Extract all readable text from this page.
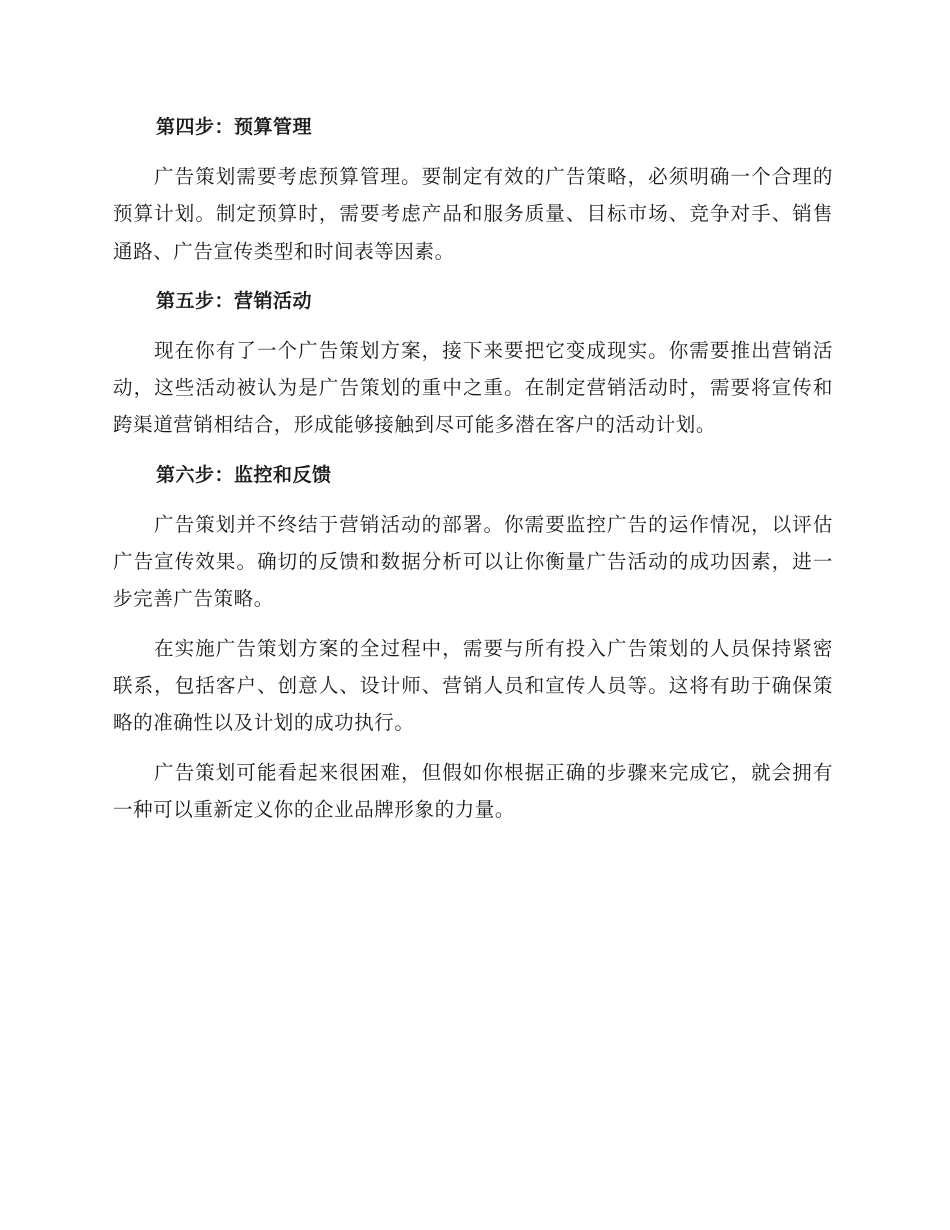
第四步：预算管理
广告策划需要考虑预算管理。要制定有效的广告策略，必须明确一个合理的预算计划。制定预算时，需要考虑产品和服务质量、目标市场、竞争对手、销售通路、广告宣传类型和时间表等因素。
第五步：营销活动
现在你有了一个广告策划方案，接下来要把它变成现实。你需要推出营销活动，这些活动被认为是广告策划的重中之重。在制定营销活动时，需要将宣传和跨渠道营销相结合，形成能够接触到尽可能多潜在客户的活动计划。
第六步：监控和反馈
广告策划并不终结于营销活动的部署。你需要监控广告的运作情况，以评估广告宣传效果。确切的反馈和数据分析可以让你衡量广告活动的成功因素，进一步完善广告策略。
在实施广告策划方案的全过程中，需要与所有投入广告策划的人员保持紧密联系，包括客户、创意人、设计师、营销人员和宣传人员等。这将有助于确保策略的准确性以及计划的成功执行。
广告策划可能看起来很困难，但假如你根据正确的步骤来完成它，就会拥有一种可以重新定义你的企业品牌形象的力量。
